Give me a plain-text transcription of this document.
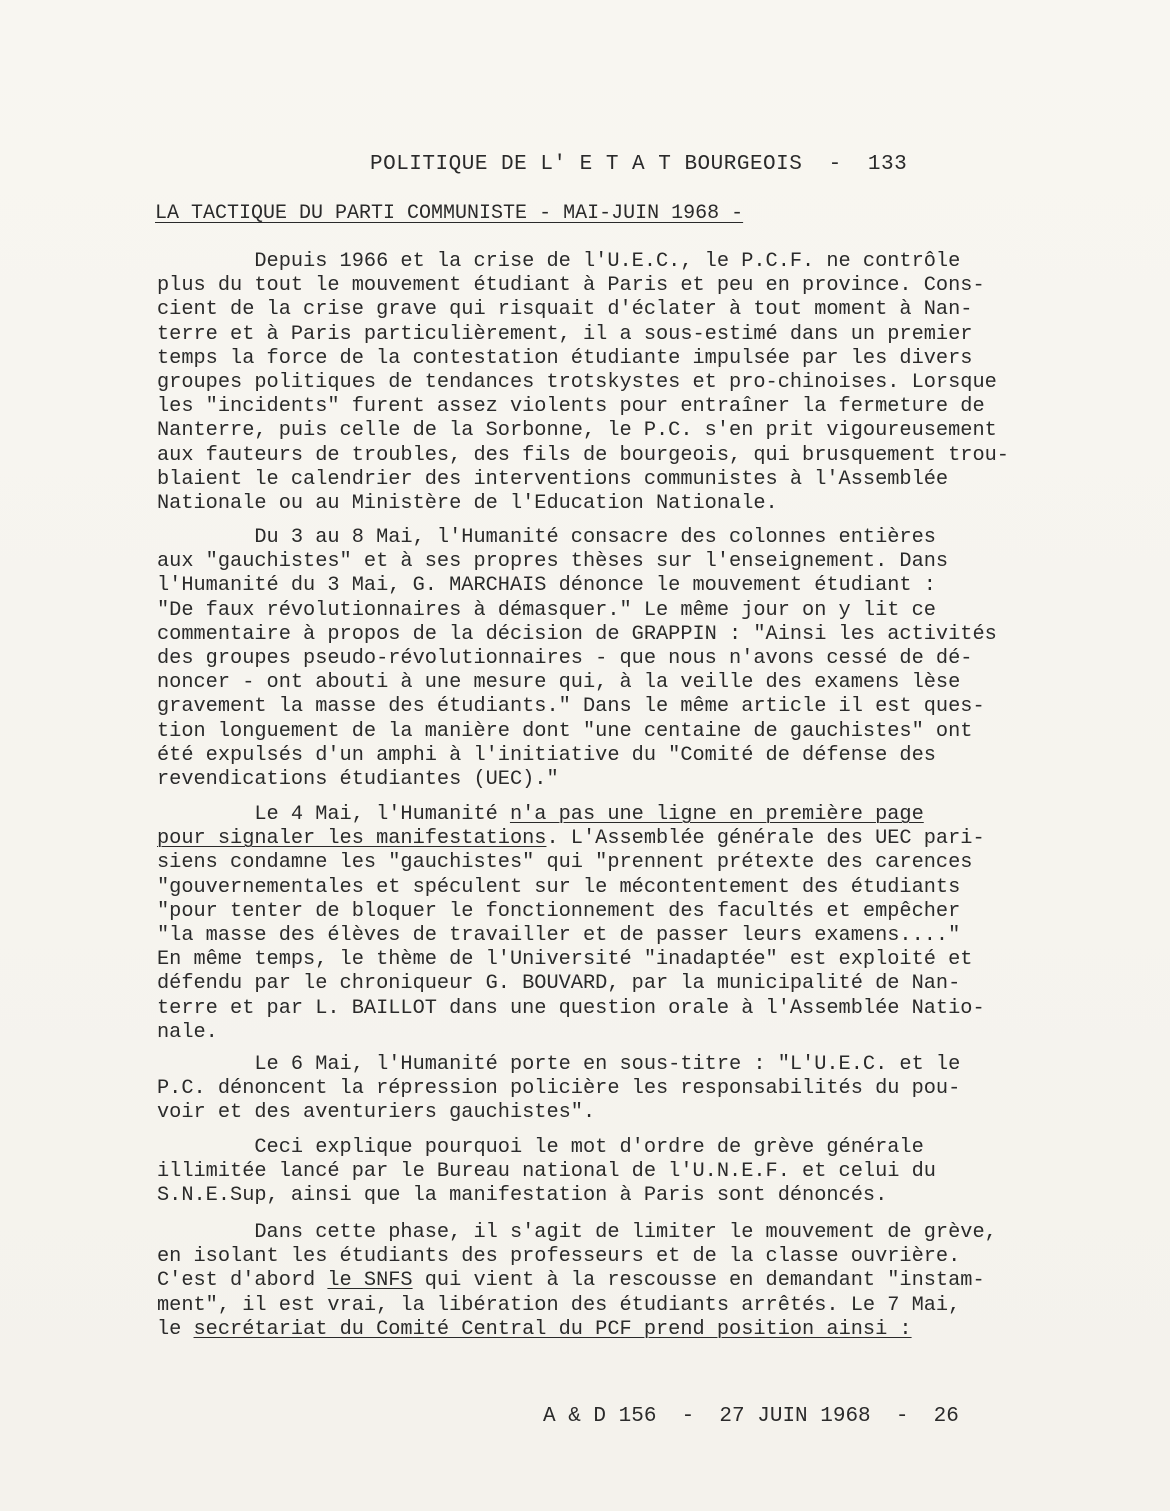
POLITIQUE DE L' E T A T BOURGEOIS  -  133
LA TACTIQUE DU PARTI COMMUNISTE - MAI-JUIN 1968 -
Depuis 1966 et la crise de l'U.E.C., le P.C.F. ne contrôle
plus du tout le mouvement étudiant à Paris et peu en province. Cons-
cient de la crise grave qui risquait d'éclater à tout moment à Nan-
terre et à Paris particulièrement, il a sous-estimé dans un premier
temps la force de la contestation étudiante impulsée par les divers
groupes politiques de tendances trotskystes et pro-chinoises. Lorsque
les "incidents" furent assez violents pour entraîner la fermeture de
Nanterre, puis celle de la Sorbonne, le P.C. s'en prit vigoureusement
aux fauteurs de troubles, des fils de bourgeois, qui brusquement trou-
blaient le calendrier des interventions communistes à l'Assemblée
Nationale ou au Ministère de l'Education Nationale.
Du 3 au 8 Mai, l'Humanité consacre des colonnes entières
aux "gauchistes" et à ses propres thèses sur l'enseignement. Dans
l'Humanité du 3 Mai, G. MARCHAIS dénonce le mouvement étudiant :
"De faux révolutionnaires à démasquer." Le même jour on y lit ce
commentaire à propos de la décision de GRAPPIN : "Ainsi les activités
des groupes pseudo-révolutionnaires - que nous n'avons cessé de dé-
noncer - ont abouti à une mesure qui, à la veille des examens lèse
gravement la masse des étudiants." Dans le même article il est ques-
tion longuement de la manière dont "une centaine de gauchistes" ont
été expulsés d'un amphi à l'initiative du "Comité de défense des
revendications étudiantes (UEC)."
Le 4 Mai, l'Humanité n'a pas une ligne en première page
pour signaler les manifestations. L'Assemblée générale des UEC pari-
siens condamne les "gauchistes" qui "prennent prétexte des carences
"gouvernementales et spéculent sur le mécontentement des étudiants
"pour tenter de bloquer le fonctionnement des facultés et empêcher
"la masse des élèves de travailler et de passer leurs examens...."
En même temps, le thème de l'Université "inadaptée" est exploité et
défendu par le chroniqueur G. BOUVARD, par la municipalité de Nan-
terre et par L. BAILLOT dans une question orale à l'Assemblée Natio-
nale.
Le 6 Mai, l'Humanité porte en sous-titre : "L'U.E.C. et le
P.C. dénoncent la répression policière les responsabilités du pou-
voir et des aventuriers gauchistes".
Ceci explique pourquoi le mot d'ordre de grève générale
illimitée lancé par le Bureau national de l'U.N.E.F. et celui du
S.N.E.Sup, ainsi que la manifestation à Paris sont dénoncés.
Dans cette phase, il s'agit de limiter le mouvement de grève,
en isolant les étudiants des professeurs et de la classe ouvrière.
C'est d'abord le SNFS qui vient à la rescousse en demandant "instam-
ment", il est vrai, la libération des étudiants arrêtés. Le 7 Mai,
le secrétariat du Comité Central du PCF prend position ainsi :
A & D 156  -  27 JUIN 1968  -  26
